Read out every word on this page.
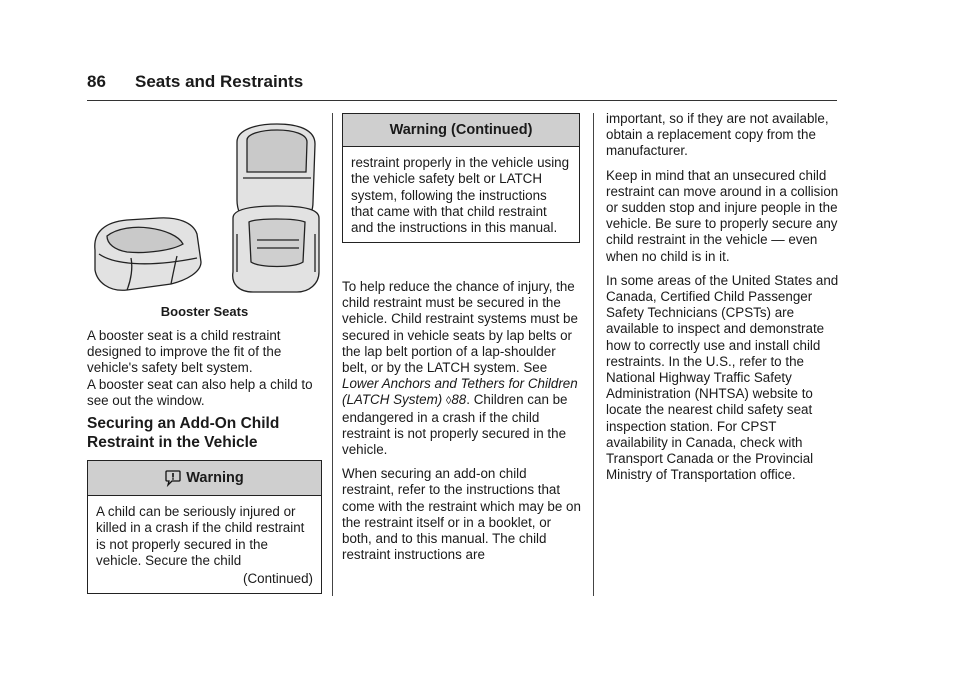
86 Seats and Restraints
Booster Seats
A booster seat is a child restraint designed to improve the fit of the vehicle's safety belt system.
A booster seat can also help a child to see out the window.
Securing an Add-On Child Restraint in the Vehicle
Warning
A child can be seriously injured or killed in a crash if the child restraint is not properly secured in the vehicle. Secure the child
(Continued)
Warning (Continued)
restraint properly in the vehicle using the vehicle safety belt or LATCH system, following the instructions that came with that child restraint and the instructions in this manual.

To help reduce the chance of injury, the child restraint must be secured in the vehicle. Child restraint systems must be secured in vehicle seats by lap belts or the lap belt portion of a lap-shoulder belt, or by the LATCH system. See Lower Anchors and Tethers for Children (LATCH System) ◊88. Children can be endangered in a crash if the child restraint is not properly secured in the vehicle.

When securing an add-on child restraint, refer to the instructions that come with the restraint which may be on the restraint itself or in a booklet, or both, and to this manual. The child restraint instructions are

important, so if they are not available, obtain a replacement copy from the manufacturer.

Keep in mind that an unsecured child restraint can move around in a collision or sudden stop and injure people in the vehicle. Be sure to properly secure any child restraint in the vehicle — even when no child is in it.

In some areas of the United States and Canada, Certified Child Passenger Safety Technicians (CPSTs) are available to inspect and demonstrate how to correctly use and install child restraints. In the U.S., refer to the National Highway Traffic Safety Administration (NHTSA) website to locate the nearest child safety seat inspection station. For CPST availability in Canada, check with Transport Canada or the Provincial Ministry of Transportation office.
